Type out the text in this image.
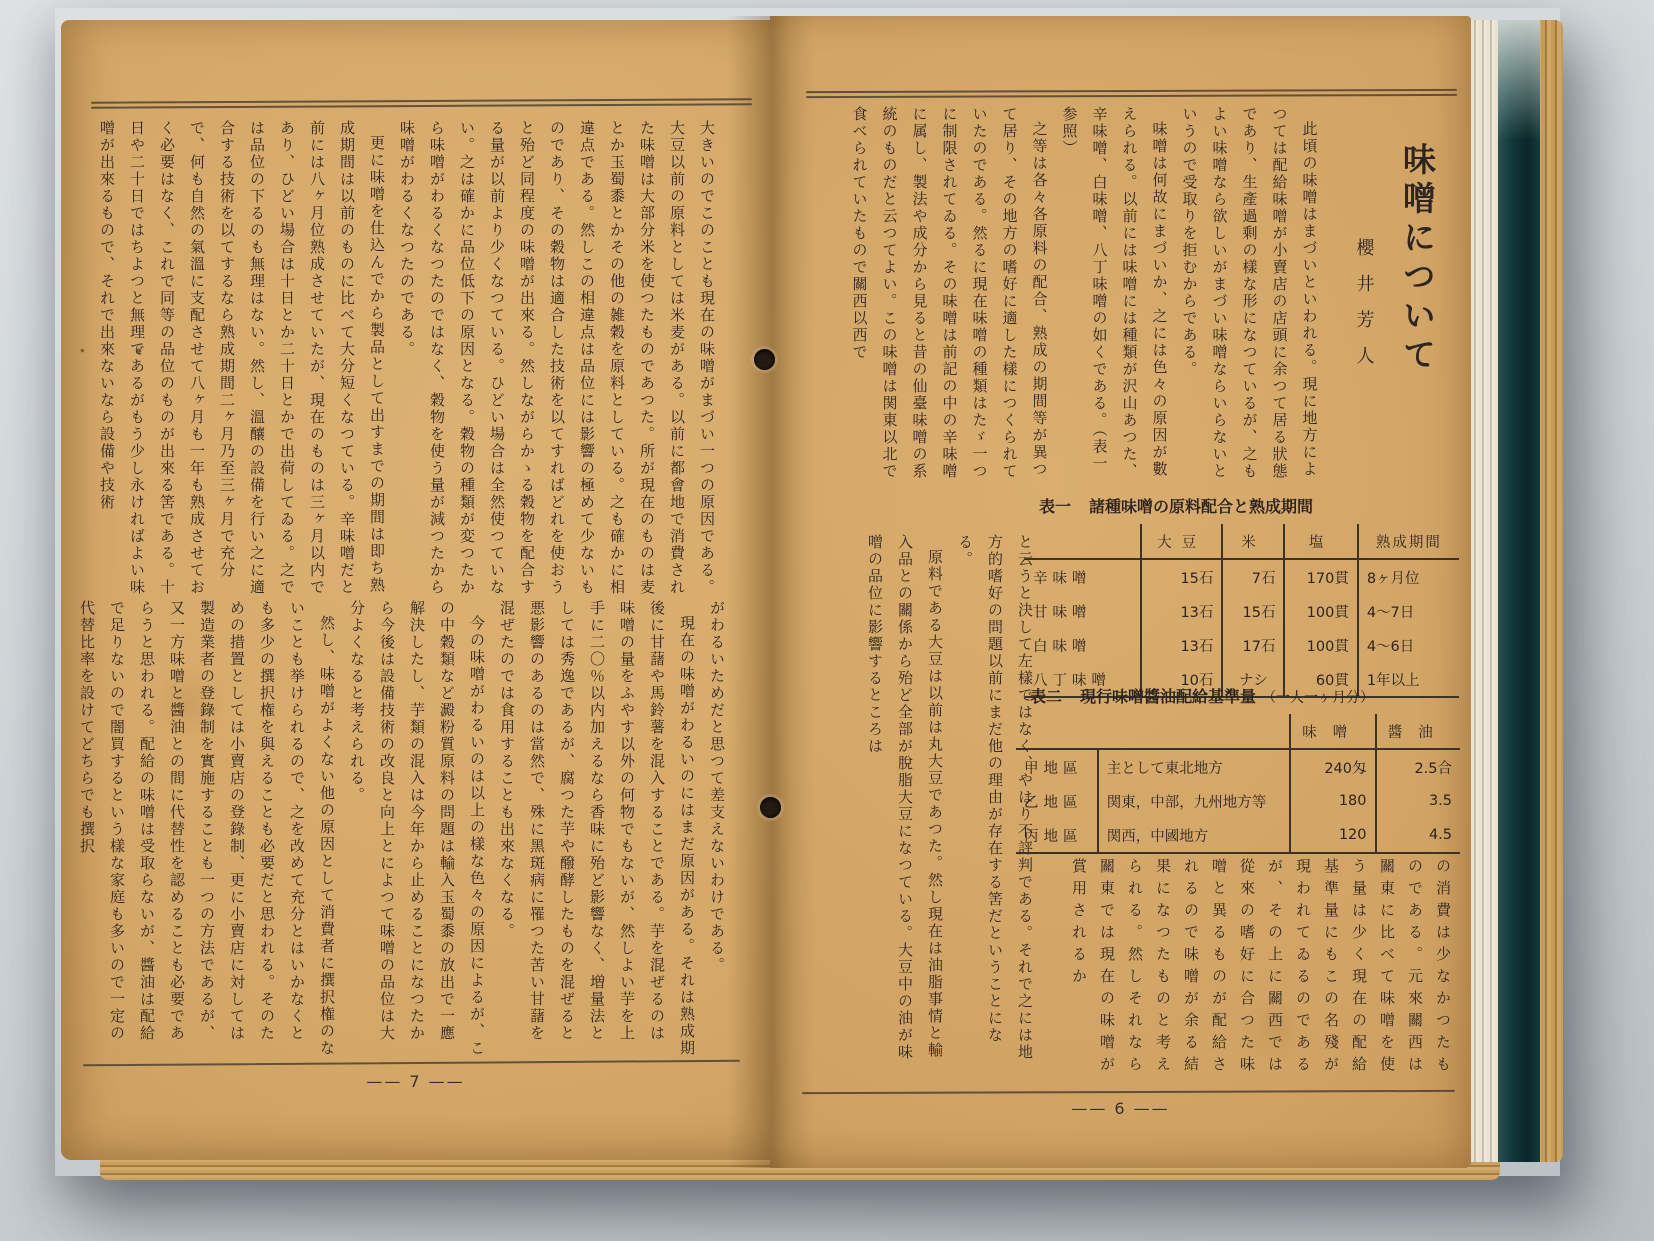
大きいのでこのことも現在の味噌がまづい一つの原因である。大豆以前の原料としては米麦がある。以前に都會地で消費された味噌は大部分米を使つたものであつた。所が現在のものは麦とか玉蜀黍とかその他の雑穀を原料としている。之も確かに相違点である。然しこの相違点は品位には影響の極めて少ないものであり、その穀物は適合した技術を以てすればどれを使おうと殆ど同程度の味噌が出來る。然しながらかゝる穀物を配合する量が以前より少くなつている。ひどい場合は全然使つていない。之は確かに品位低下の原因となる。穀物の種類が変つたから味噌がわるくなつたのではなく、穀物を使う量が減つたから味噌がわるくなつたのである。

更に味噌を仕込んでから製品として出すまでの期間は即ち熟成期間は以前のものに比べて大分短くなつている。辛味噌だと前には八ヶ月位熟成させていたが、現在のものは三ヶ月以内であり、ひどい場合は十日とか二十日とかで出荷してゐる。之では品位の下るのも無理はない。然し、溫釀の設備を行い之に適合する技術を以てするなら熟成期間二ヶ月乃至三ヶ月で充分で、何も自然の氣溫に支配させて八ヶ月も一年も熟成させておく必要はなく、これで同等の品位のものが出來る筈である。十日や二十日ではちよつと無理であるがもう少し永ければよい味噌が出來るもので、それで出來ないなら設備や技術

がわるいためだと思つて差支えないわけである。

現在の味噌がわるいのにはまだ原因がある。それは熟成期後に甘藷や馬鈴薯を混入することである。芋を混ぜるのは味噌の量をふやす以外の何物でもないが、然しよい芋を上手に二〇％以内加えるなら香味に殆ど影響なく、増量法としては秀逸であるが、腐つた芋や醱酵したものを混ぜると悪影響のあるのは當然で、殊に黑斑病に罹つた苦い甘藷を混ぜたのでは食用することも出來なくなる。

今の味噌がわるいのは以上の樣な色々の原因によるが、この中穀類など澱粉質原料の問題は輸入玉蜀黍の放出で一應解決したし、芋類の混入は今年から止めることになつたから今後は設備技術の改良と向上とによつて味噌の品位は大分よくなると考えられる。

然し、味噌がよくない他の原因として消費者に撰択権のないことも挙けられるので、之を改めて充分とはいかなくとも多少の撰択権を與えることも必要だと思われる。そのための措置としては小賣店の登錄制、更に小賣店に対しては製造業者の登錄制を實施することも一つの方法であるが、又一方味噌と醬油との間に代替性を認めることも必要であらうと思われる。配給の味噌は受取らないが、醬油は配給で足りないので闇買するという樣な家庭も多いので一定の代替比率を設けてどちらでも撰択

—— 7 ——
味噌について
櫻井芳人

此頃の味噌はまづいといわれる。現に地方によつては配給味噌が小賣店の店頭に余つて居る狀態であり、生產過剩の樣な形になつているが、之もよい味噌なら欲しいがまづい味噌ならいらないというので受取りを拒むからである。

味噌は何故にまづいか、之には色々の原因が數えられる。以前には味噌には種類が沢山あつた、辛味噌、白味噌、八丁味噌の如くである。（表一参照）

之等は各々各原料の配合、熟成の期間等が異つて居り、その地方の嗜好に適した樣につくられていたのである。然るに現在味噌の種類はたゞ一つに制限されてゐる。その味噌は前記の中の辛味噌に属し、製法や成分から見ると昔の仙臺味噌の系統のものだと云つてよい。この味噌は関東以北で食べられていたもので關西以西で

と云うと決して左樣ではなく、やはり不評判である。それで之には地方的嗜好の問題以前にまだ他の理由が存在する筈だということになる。

原料である大豆は以前は丸大豆であつた。然し現在は油脂事情と輸入品との關係から殆ど全部が脫脂大豆になつている。大豆中の油が味噌の品位に影響するところは

表一 諸種味噌の原料配合と熟成期間
	大豆	米	塩	熟成期間
辛味噌	15石	7石	170貫	8ヶ月位
甘味噌	13石	15石	100貫	4〜7日
白味噌	13石	17石	100貫	4〜6日
八丁味噌	10石	ナシ	60貫	1年以上
表二 現行味噌醬油配給基準量 （一人一ヶ月分）
		味噌	醬油
甲地區	主として東北地方	240匁	2.5合
乙地區	関東，中部，九州地方等	180	3.5
丙地區	関西，中國地方	120	4.5

の消費は少なかつたものである。元來關西は關東に比べて味噌を使う量は少く現在の配給基準量にもこの名殘が現われてゐるのであるが、その上に關西では從來の嗜好に合つた味噌と異るものが配給されるので味噌が余る結果になつたものと考えられる。然しそれなら關東では現在の味噌が賞用されるか

—— 6 ——
